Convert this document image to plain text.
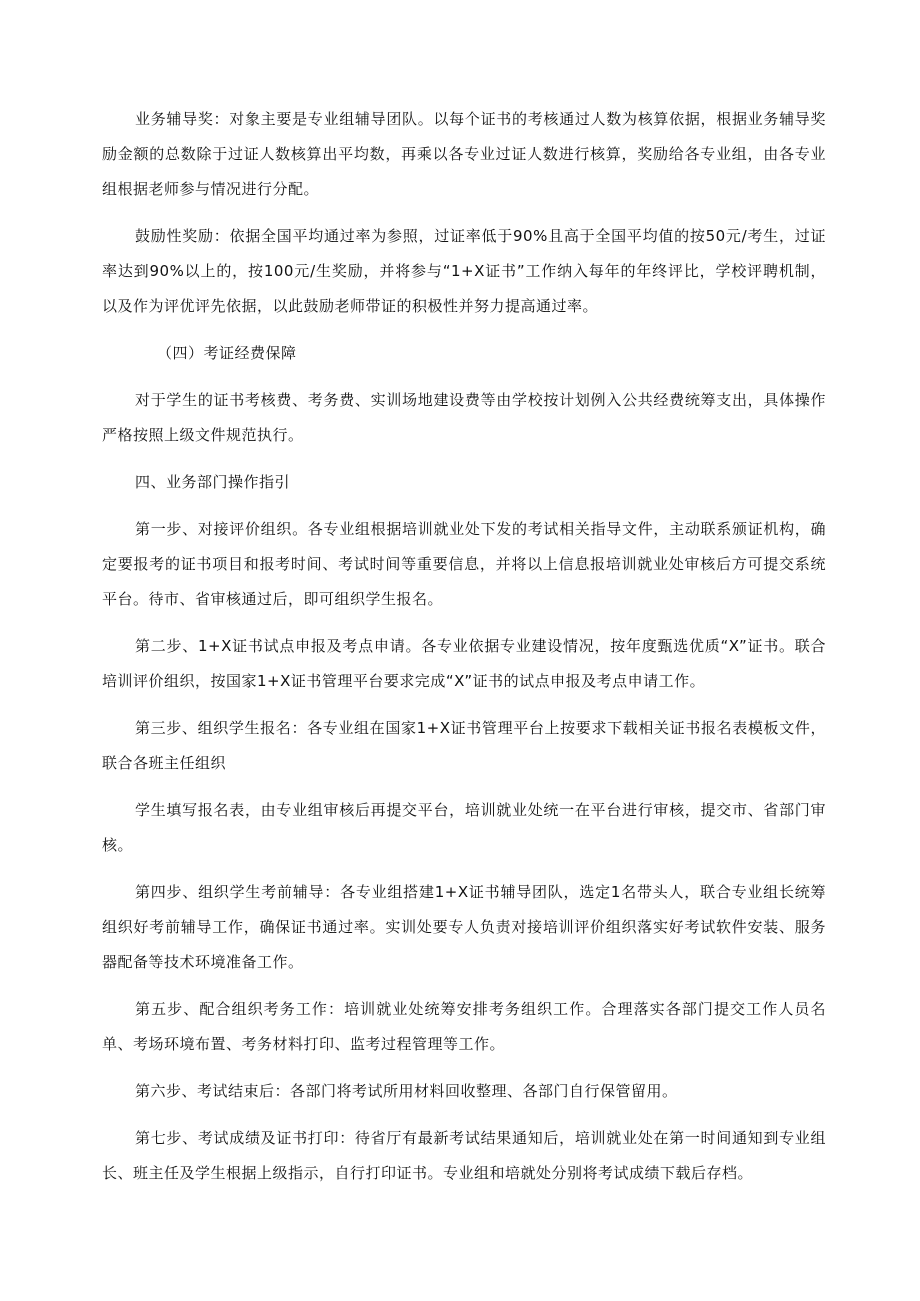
业务辅导奖：对象主要是专业组辅导团队。以每个证书的考核通过人数为核算依据，根据业务辅导奖励金额的总数除于过证人数核算出平均数，再乘以各专业过证人数进行核算，奖励给各专业组，由各专业组根据老师参与情况进行分配。

鼓励性奖励：依据全国平均通过率为参照，过证率低于90%且高于全国平均值的按50元/考生，过证率达到90%以上的，按100元/生奖励，并将参与“1+X证书”工作纳入每年的年终评比，学校评聘机制，以及作为评优评先依据，以此鼓励老师带证的积极性并努力提高通过率。

（四）考证经费保障

对于学生的证书考核费、考务费、实训场地建设费等由学校按计划例入公共经费统筹支出，具体操作严格按照上级文件规范执行。

四、业务部门操作指引

第一步、对接评价组织。各专业组根据培训就业处下发的考试相关指导文件，主动联系颁证机构，确定要报考的证书项目和报考时间、考试时间等重要信息，并将以上信息报培训就业处审核后方可提交系统平台。待市、省审核通过后，即可组织学生报名。

第二步、1+X证书试点申报及考点申请。各专业依据专业建设情况，按年度甄选优质“X”证书。联合培训评价组织，按国家1+X证书管理平台要求完成“X”证书的试点申报及考点申请工作。

第三步、组织学生报名：各专业组在国家1+X证书管理平台上按要求下载相关证书报名表模板文件，联合各班主任组织

学生填写报名表，由专业组审核后再提交平台，培训就业处统一在平台进行审核，提交市、省部门审核。

第四步、组织学生考前辅导：各专业组搭建1+X证书辅导团队，选定1名带头人，联合专业组长统筹组织好考前辅导工作，确保证书通过率。实训处要专人负责对接培训评价组织落实好考试软件安装、服务器配备等技术环境准备工作。

第五步、配合组织考务工作：培训就业处统筹安排考务组织工作。合理落实各部门提交工作人员名单、考场环境布置、考务材料打印、监考过程管理等工作。

第六步、考试结束后：各部门将考试所用材料回收整理、各部门自行保管留用。

第七步、考试成绩及证书打印：待省厅有最新考试结果通知后，培训就业处在第一时间通知到专业组长、班主任及学生根据上级指示，自行打印证书。专业组和培就处分别将考试成绩下载后存档。
